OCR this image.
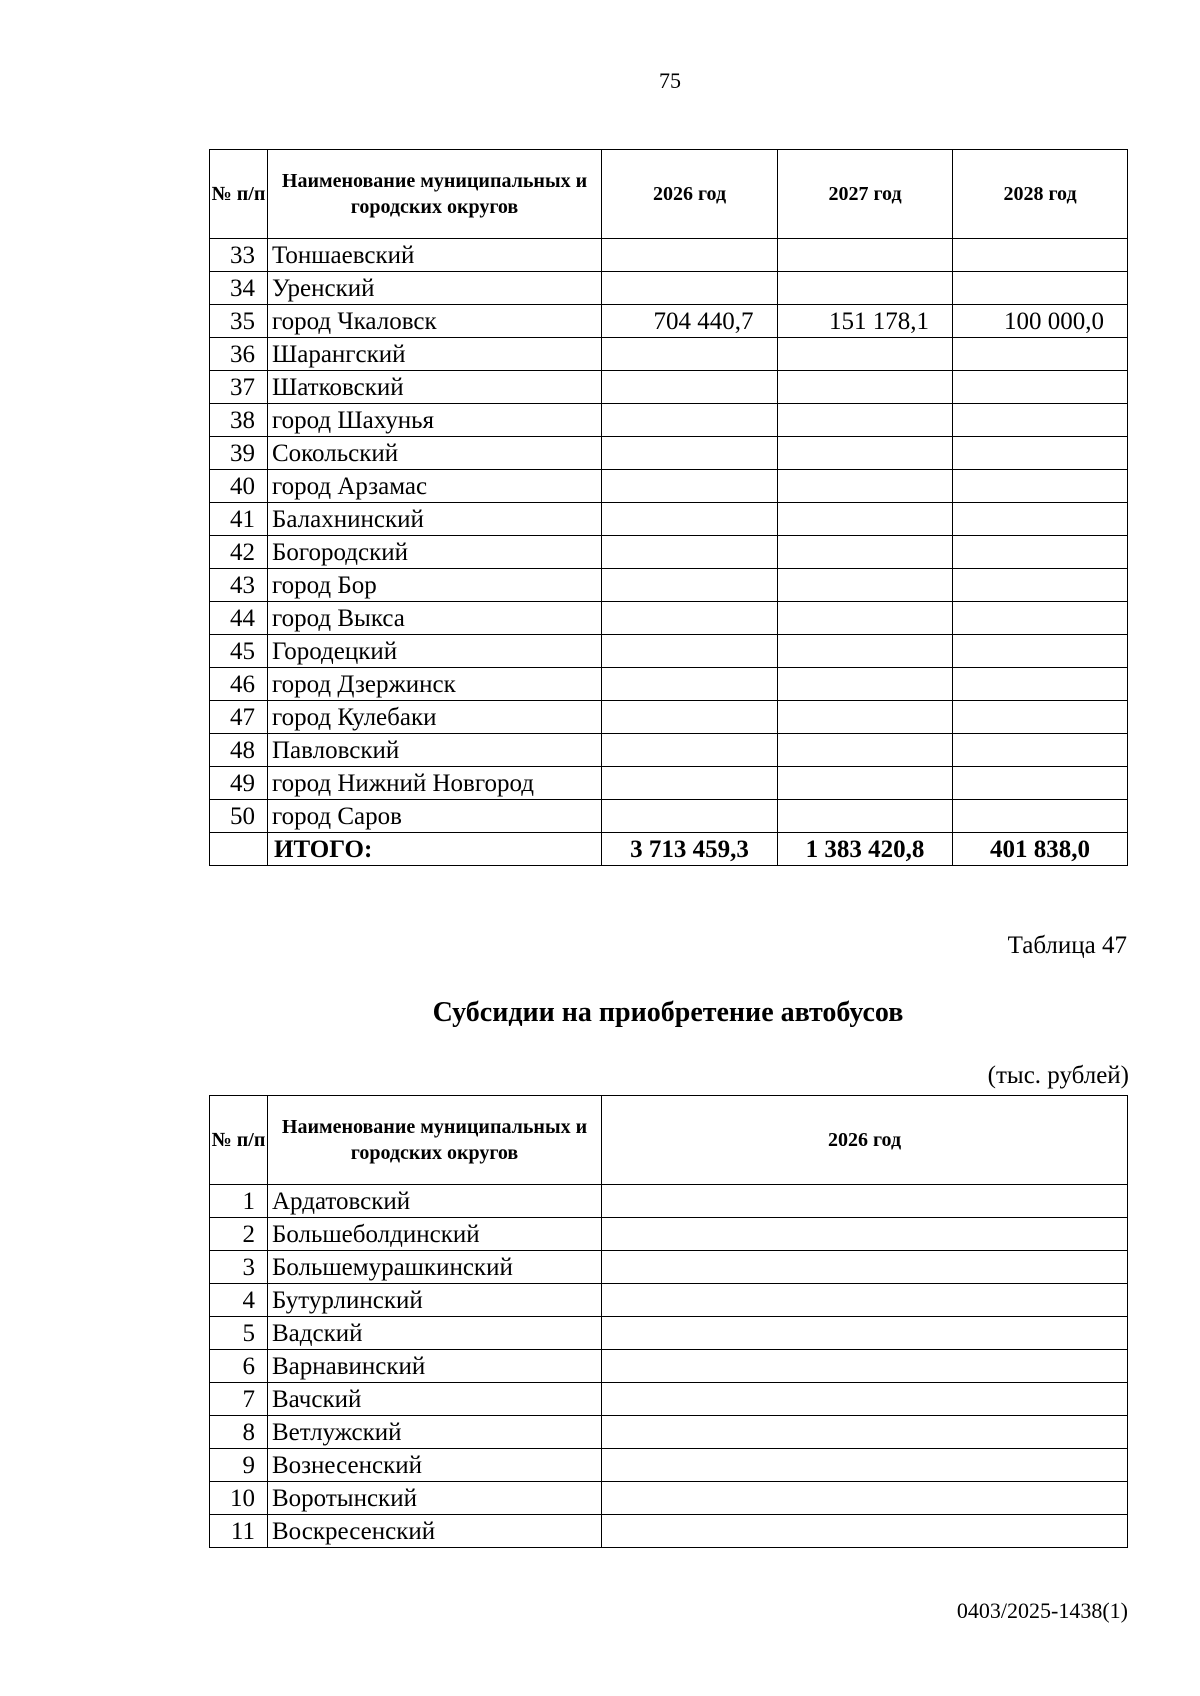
75
№ п/п	Наименование муниципальных и городских округов	2026 год	2027 год	2028 год
33	Тоншаевский			
34	Уренский			
35	город Чкаловск	704 440,7	151 178,1	100 000,0
36	Шарангский			
37	Шатковский			
38	город Шахунья			
39	Сокольский			
40	город Арзамас			
41	Балахнинский			
42	Богородский			
43	город Бор			
44	город Выкса			
45	Городецкий			
46	город Дзержинск			
47	город Кулебаки			
48	Павловский			
49	город Нижний Новгород			
50	город Саров			
	ИТОГО:	3 713 459,3	1 383 420,8	401 838,0
Таблица 47
Субсидии на приобретение автобусов
(тыс. рублей)
№ п/п	Наименование муниципальных и городских округов	2026 год
1	Ардатовский	
2	Большеболдинский	
3	Большемурашкинский	
4	Бутурлинский	
5	Вадский	
6	Варнавинский	
7	Вачский	
8	Ветлужский	
9	Вознесенский	
10	Воротынский	
11	Воскресенский	
0403/2025-1438(1)
